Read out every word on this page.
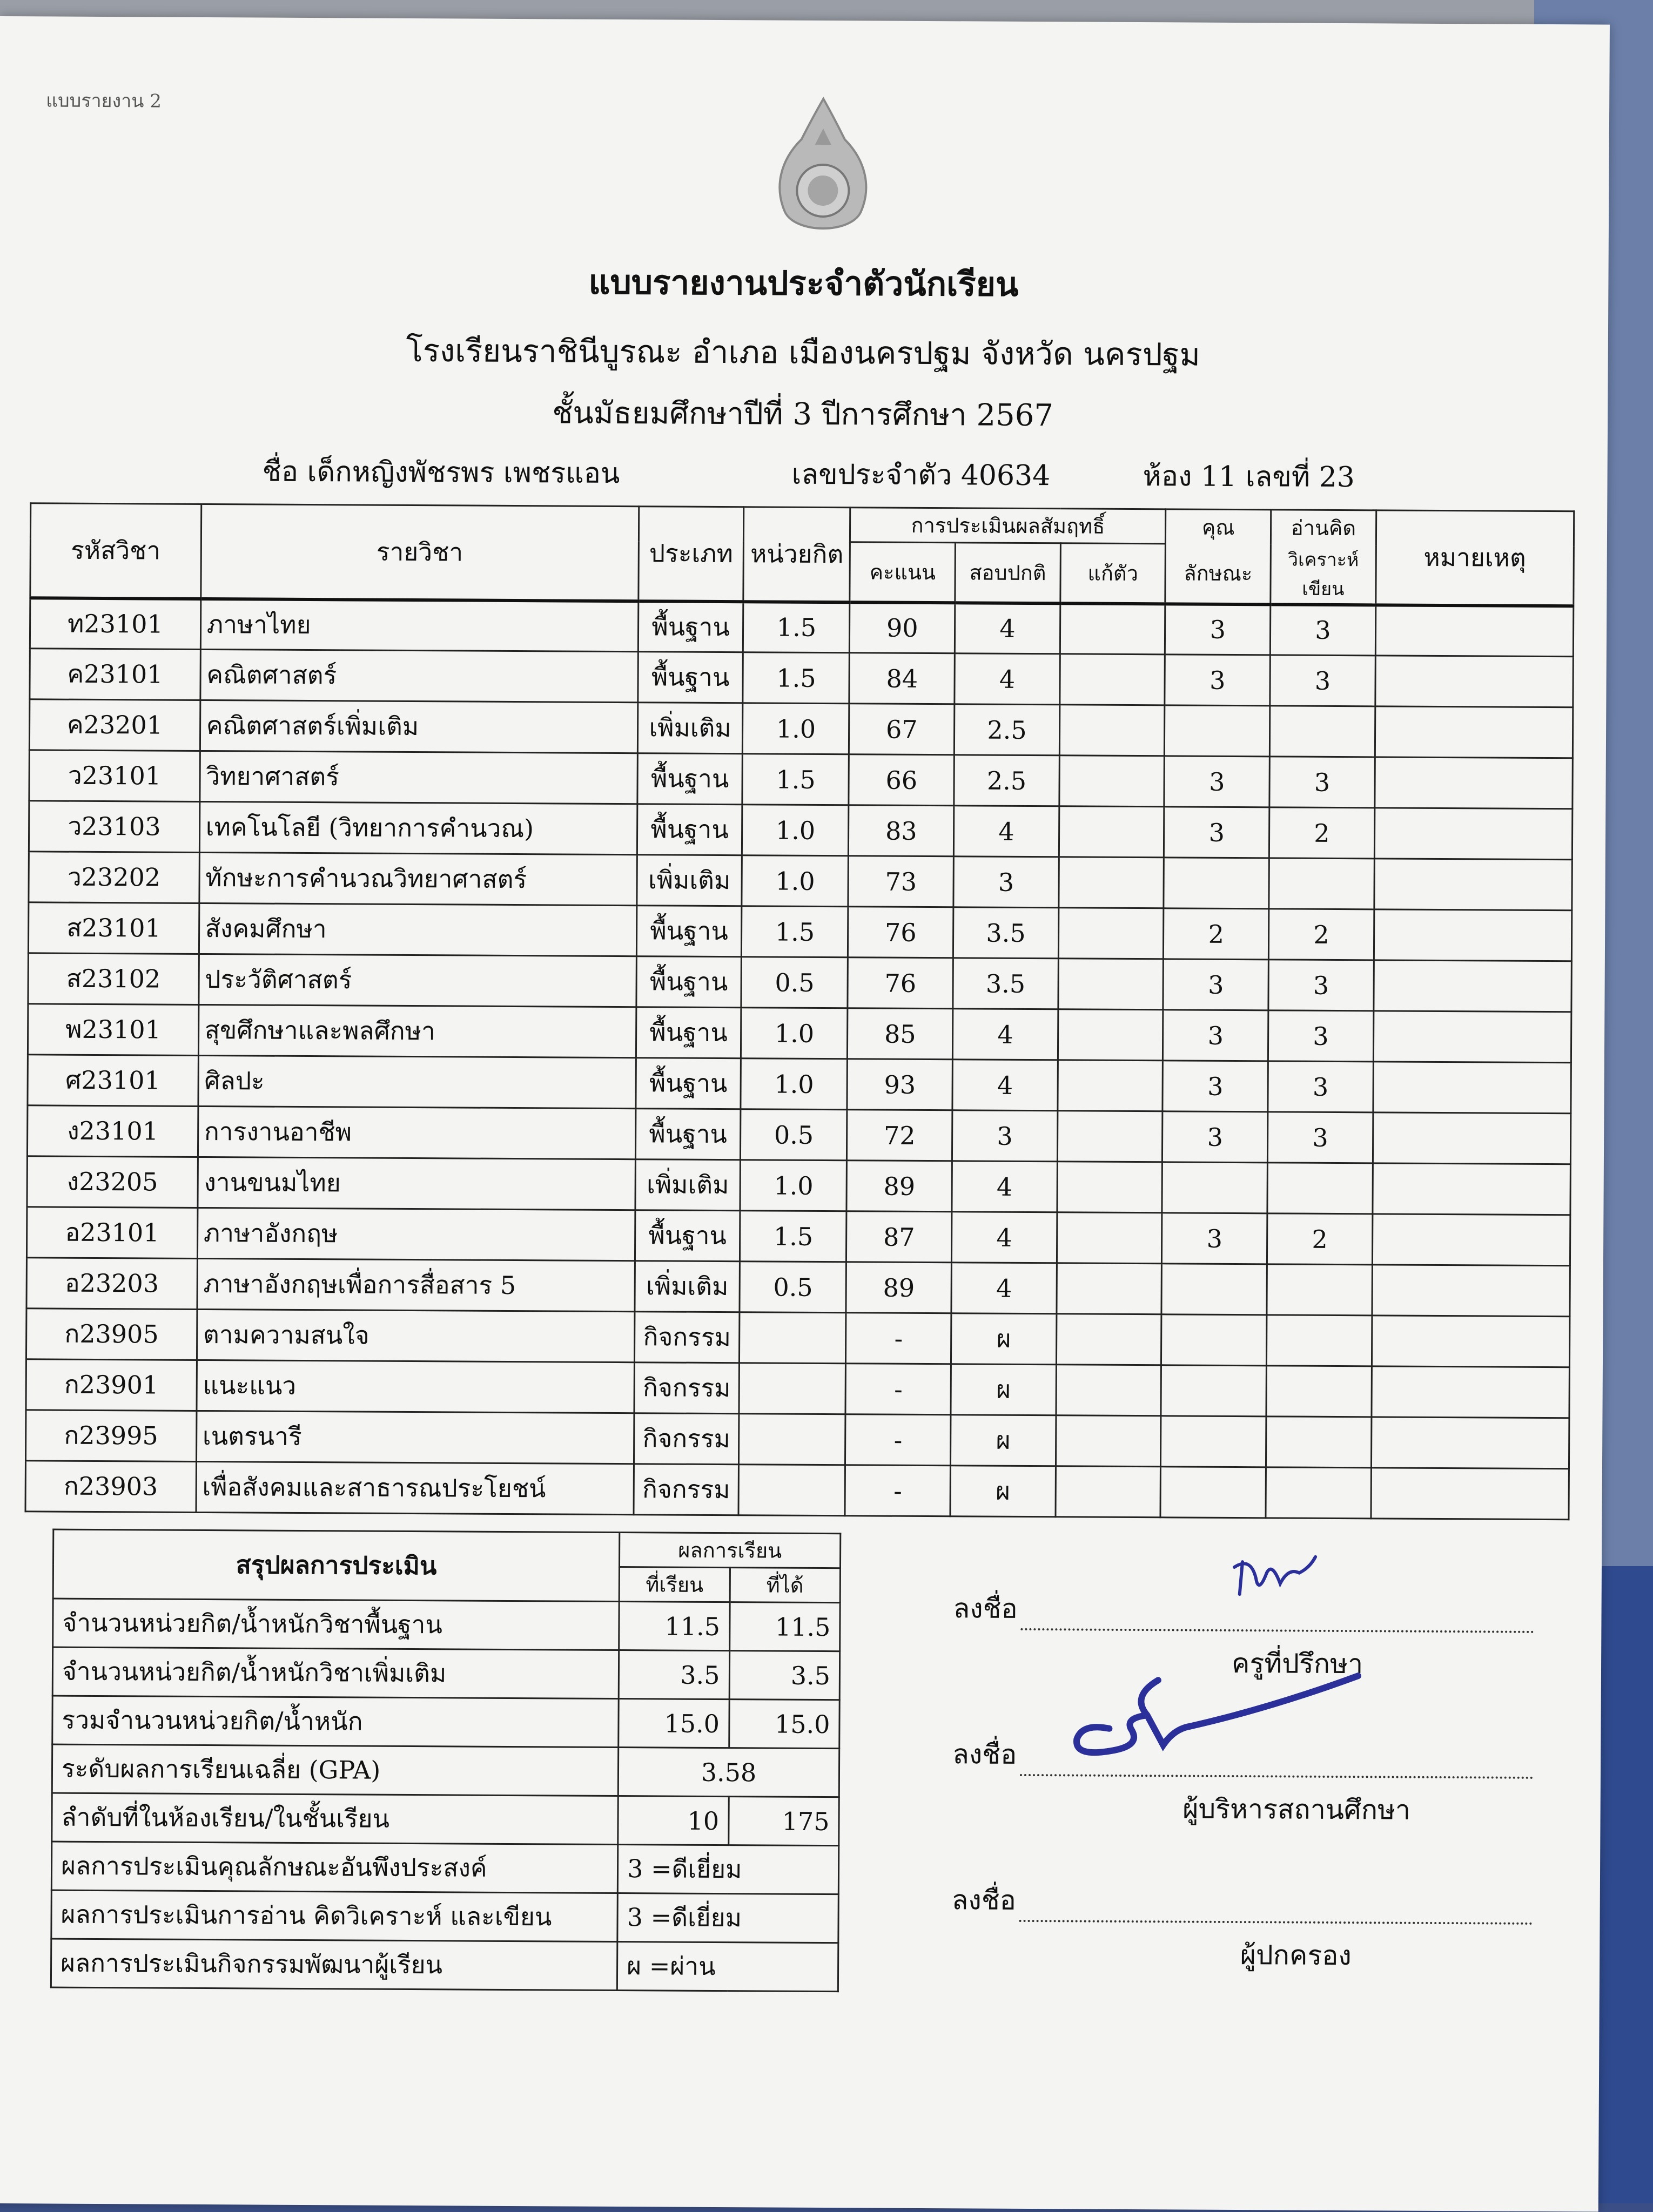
แบบรายงาน 2
แบบรายงานประจำตัวนักเรียน
โรงเรียนราชินีบูรณะ อำเภอ เมืองนครปฐม จังหวัด นครปฐม
ชั้นมัธยมศึกษาปีที่ 3 ปีการศึกษา 2567
ชื่อ เด็กหญิงพัชรพร เพชรแอน	เลขประจำตัว 40634	ห้อง 11 เลขที่ 23
รหัสวิชา	รายวิชา	ประเภท	หน่วยกิต	การประเมินผลสัมฤทธิ์			คุณ	อ่านคิด	หมายเหตุ
				คะแนน	สอบปกติ	แก้ตัว	ลักษณะ	วิเคราะห์เขียน	
ท23101	ภาษาไทย	พื้นฐาน	1.5	90	4		3	3	
ค23101	คณิตศาสตร์	พื้นฐาน	1.5	84	4		3	3	
ค23201	คณิตศาสตร์เพิ่มเติม	เพิ่มเติม	1.0	67	2.5				
ว23101	วิทยาศาสตร์	พื้นฐาน	1.5	66	2.5		3	3	
ว23103	เทคโนโลยี (วิทยาการคำนวณ)	พื้นฐาน	1.0	83	4		3	2	
ว23202	ทักษะการคำนวณวิทยาศาสตร์	เพิ่มเติม	1.0	73	3				
ส23101	สังคมศึกษา	พื้นฐาน	1.5	76	3.5		2	2	
ส23102	ประวัติศาสตร์	พื้นฐาน	0.5	76	3.5		3	3	
พ23101	สุขศึกษาและพลศึกษา	พื้นฐาน	1.0	85	4		3	3	
ศ23101	ศิลปะ	พื้นฐาน	1.0	93	4		3	3	
ง23101	การงานอาชีพ	พื้นฐาน	0.5	72	3		3	3	
ง23205	งานขนมไทย	เพิ่มเติม	1.0	89	4				
อ23101	ภาษาอังกฤษ	พื้นฐาน	1.5	87	4		3	2	
อ23203	ภาษาอังกฤษเพื่อการสื่อสาร 5	เพิ่มเติม	0.5	89	4				
ก23905	ตามความสนใจ	กิจกรรม		-	ผ				
ก23901	แนะแนว	กิจกรรม		-	ผ				
ก23995	เนตรนารี	กิจกรรม		-	ผ				
ก23903	เพื่อสังคมและสาธารณประโยชน์	กิจกรรม		-	ผ				
สรุปผลการประเมิน	ผลการเรียน	
	ที่เรียน	ที่ได้
จำนวนหน่วยกิต/น้ำหนักวิชาพื้นฐาน	11.5	11.5
จำนวนหน่วยกิต/น้ำหนักวิชาเพิ่มเติม	3.5	3.5
รวมจำนวนหน่วยกิต/น้ำหนัก	15.0	15.0
ระดับผลการเรียนเฉลี่ย (GPA)	3.58	
ลำดับที่ในห้องเรียน/ในชั้นเรียน	10	175
ผลการประเมินคุณลักษณะอันพึงประสงค์	3 =ดีเยี่ยม	
ผลการประเมินการอ่าน คิดวิเคราะห์ และเขียน	3 =ดีเยี่ยม	
ผลการประเมินกิจกรรมพัฒนาผู้เรียน	ผ =ผ่าน	
ลงชื่อ
ครูที่ปรึกษา
ลงชื่อ
ผู้บริหารสถานศึกษา
ลงชื่อ
ผู้ปกครอง
